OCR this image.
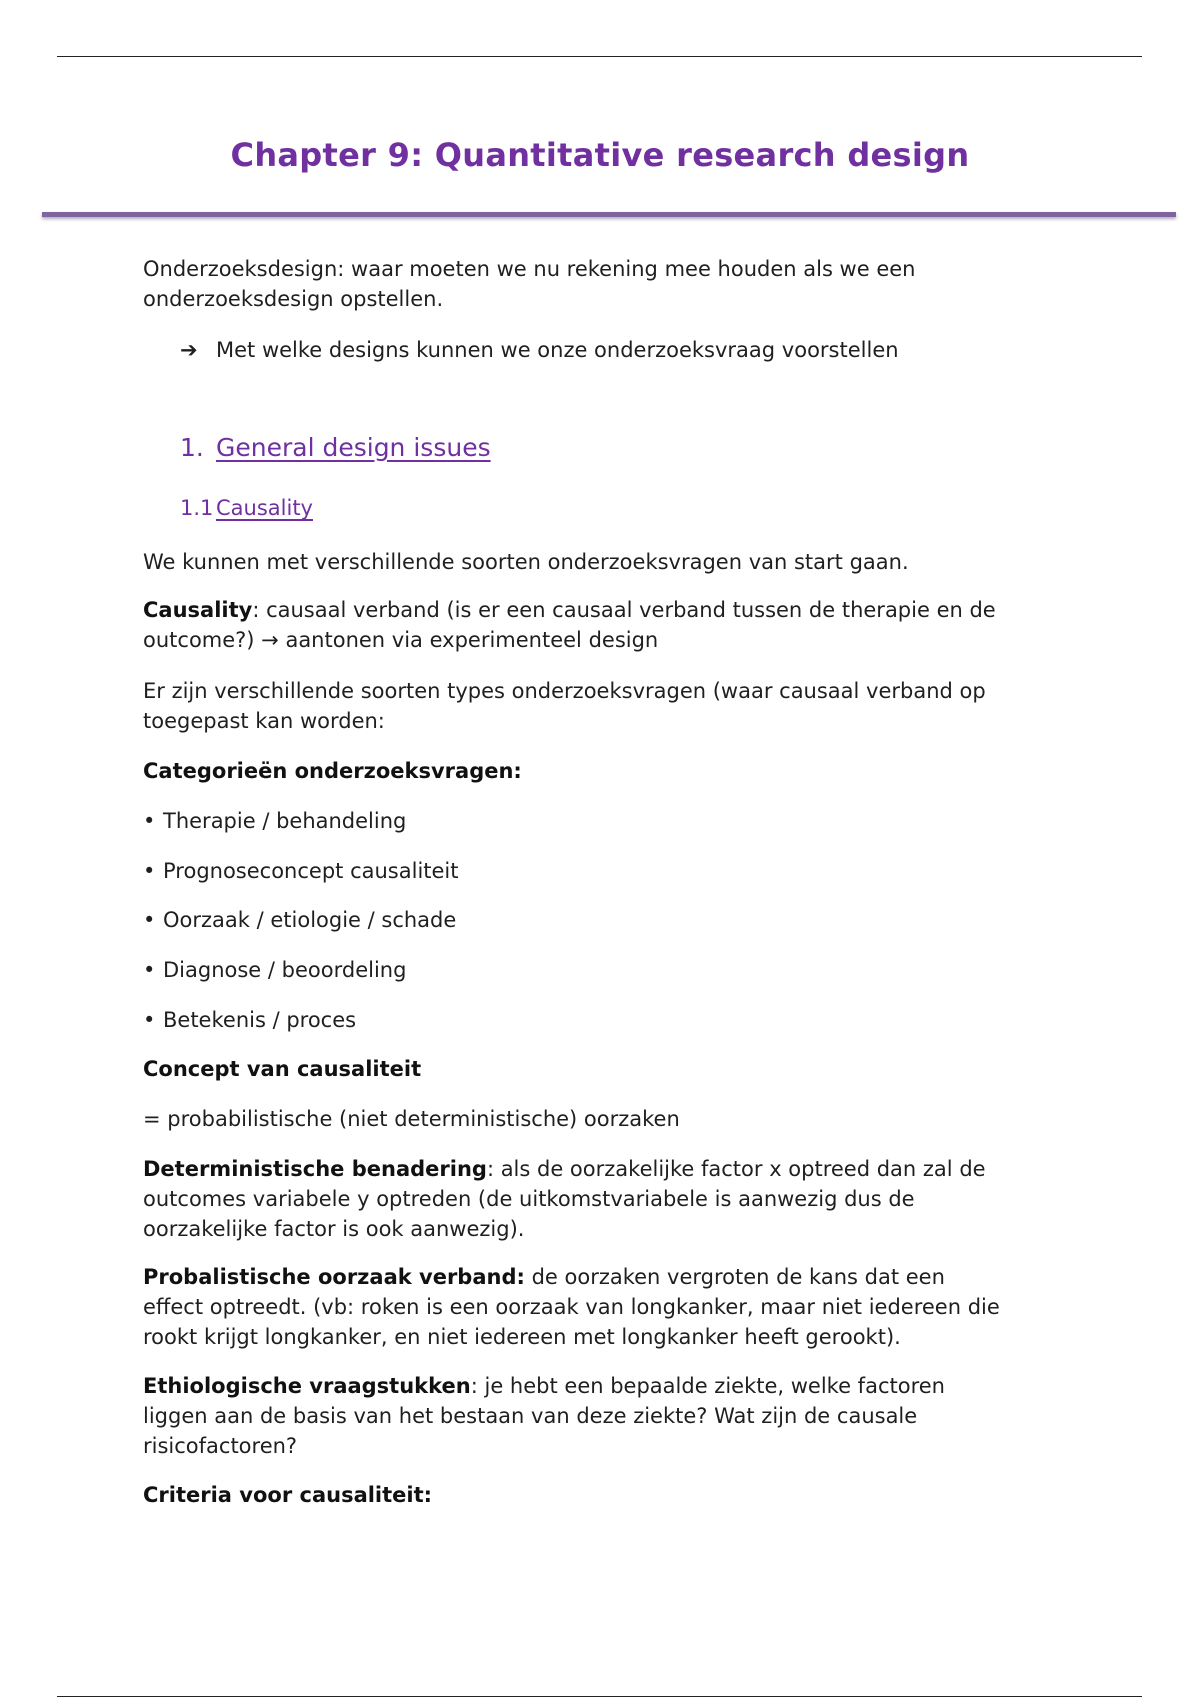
Chapter 9: Quantitative research design
Onderzoeksdesign: waar moeten we nu rekening mee houden als we een
onderzoeksdesign opstellen.
➔ Met welke designs kunnen we onze onderzoeksvraag voorstellen
1. General design issues
1.1 Causality
We kunnen met verschillende soorten onderzoeksvragen van start gaan.
Causality: causaal verband (is er een causaal verband tussen de therapie en de
outcome?) → aantonen via experimenteel design
Er zijn verschillende soorten types onderzoeksvragen (waar causaal verband op
toegepast kan worden:
Categorieën onderzoeksvragen:
• Therapie / behandeling
• Prognoseconcept causaliteit
• Oorzaak / etiologie / schade
• Diagnose / beoordeling
• Betekenis / proces
Concept van causaliteit
= probabilistische (niet deterministische) oorzaken
Deterministische benadering: als de oorzakelijke factor x optreed dan zal de
outcomes variabele y optreden (de uitkomstvariabele is aanwezig dus de
oorzakelijke factor is ook aanwezig).
Probalistische oorzaak verband: de oorzaken vergroten de kans dat een
effect optreedt. (vb: roken is een oorzaak van longkanker, maar niet iedereen die
rookt krijgt longkanker, en niet iedereen met longkanker heeft gerookt).
Ethiologische vraagstukken: je hebt een bepaalde ziekte, welke factoren
liggen aan de basis van het bestaan van deze ziekte? Wat zijn de causale
risicofactoren?
Criteria voor causaliteit:
